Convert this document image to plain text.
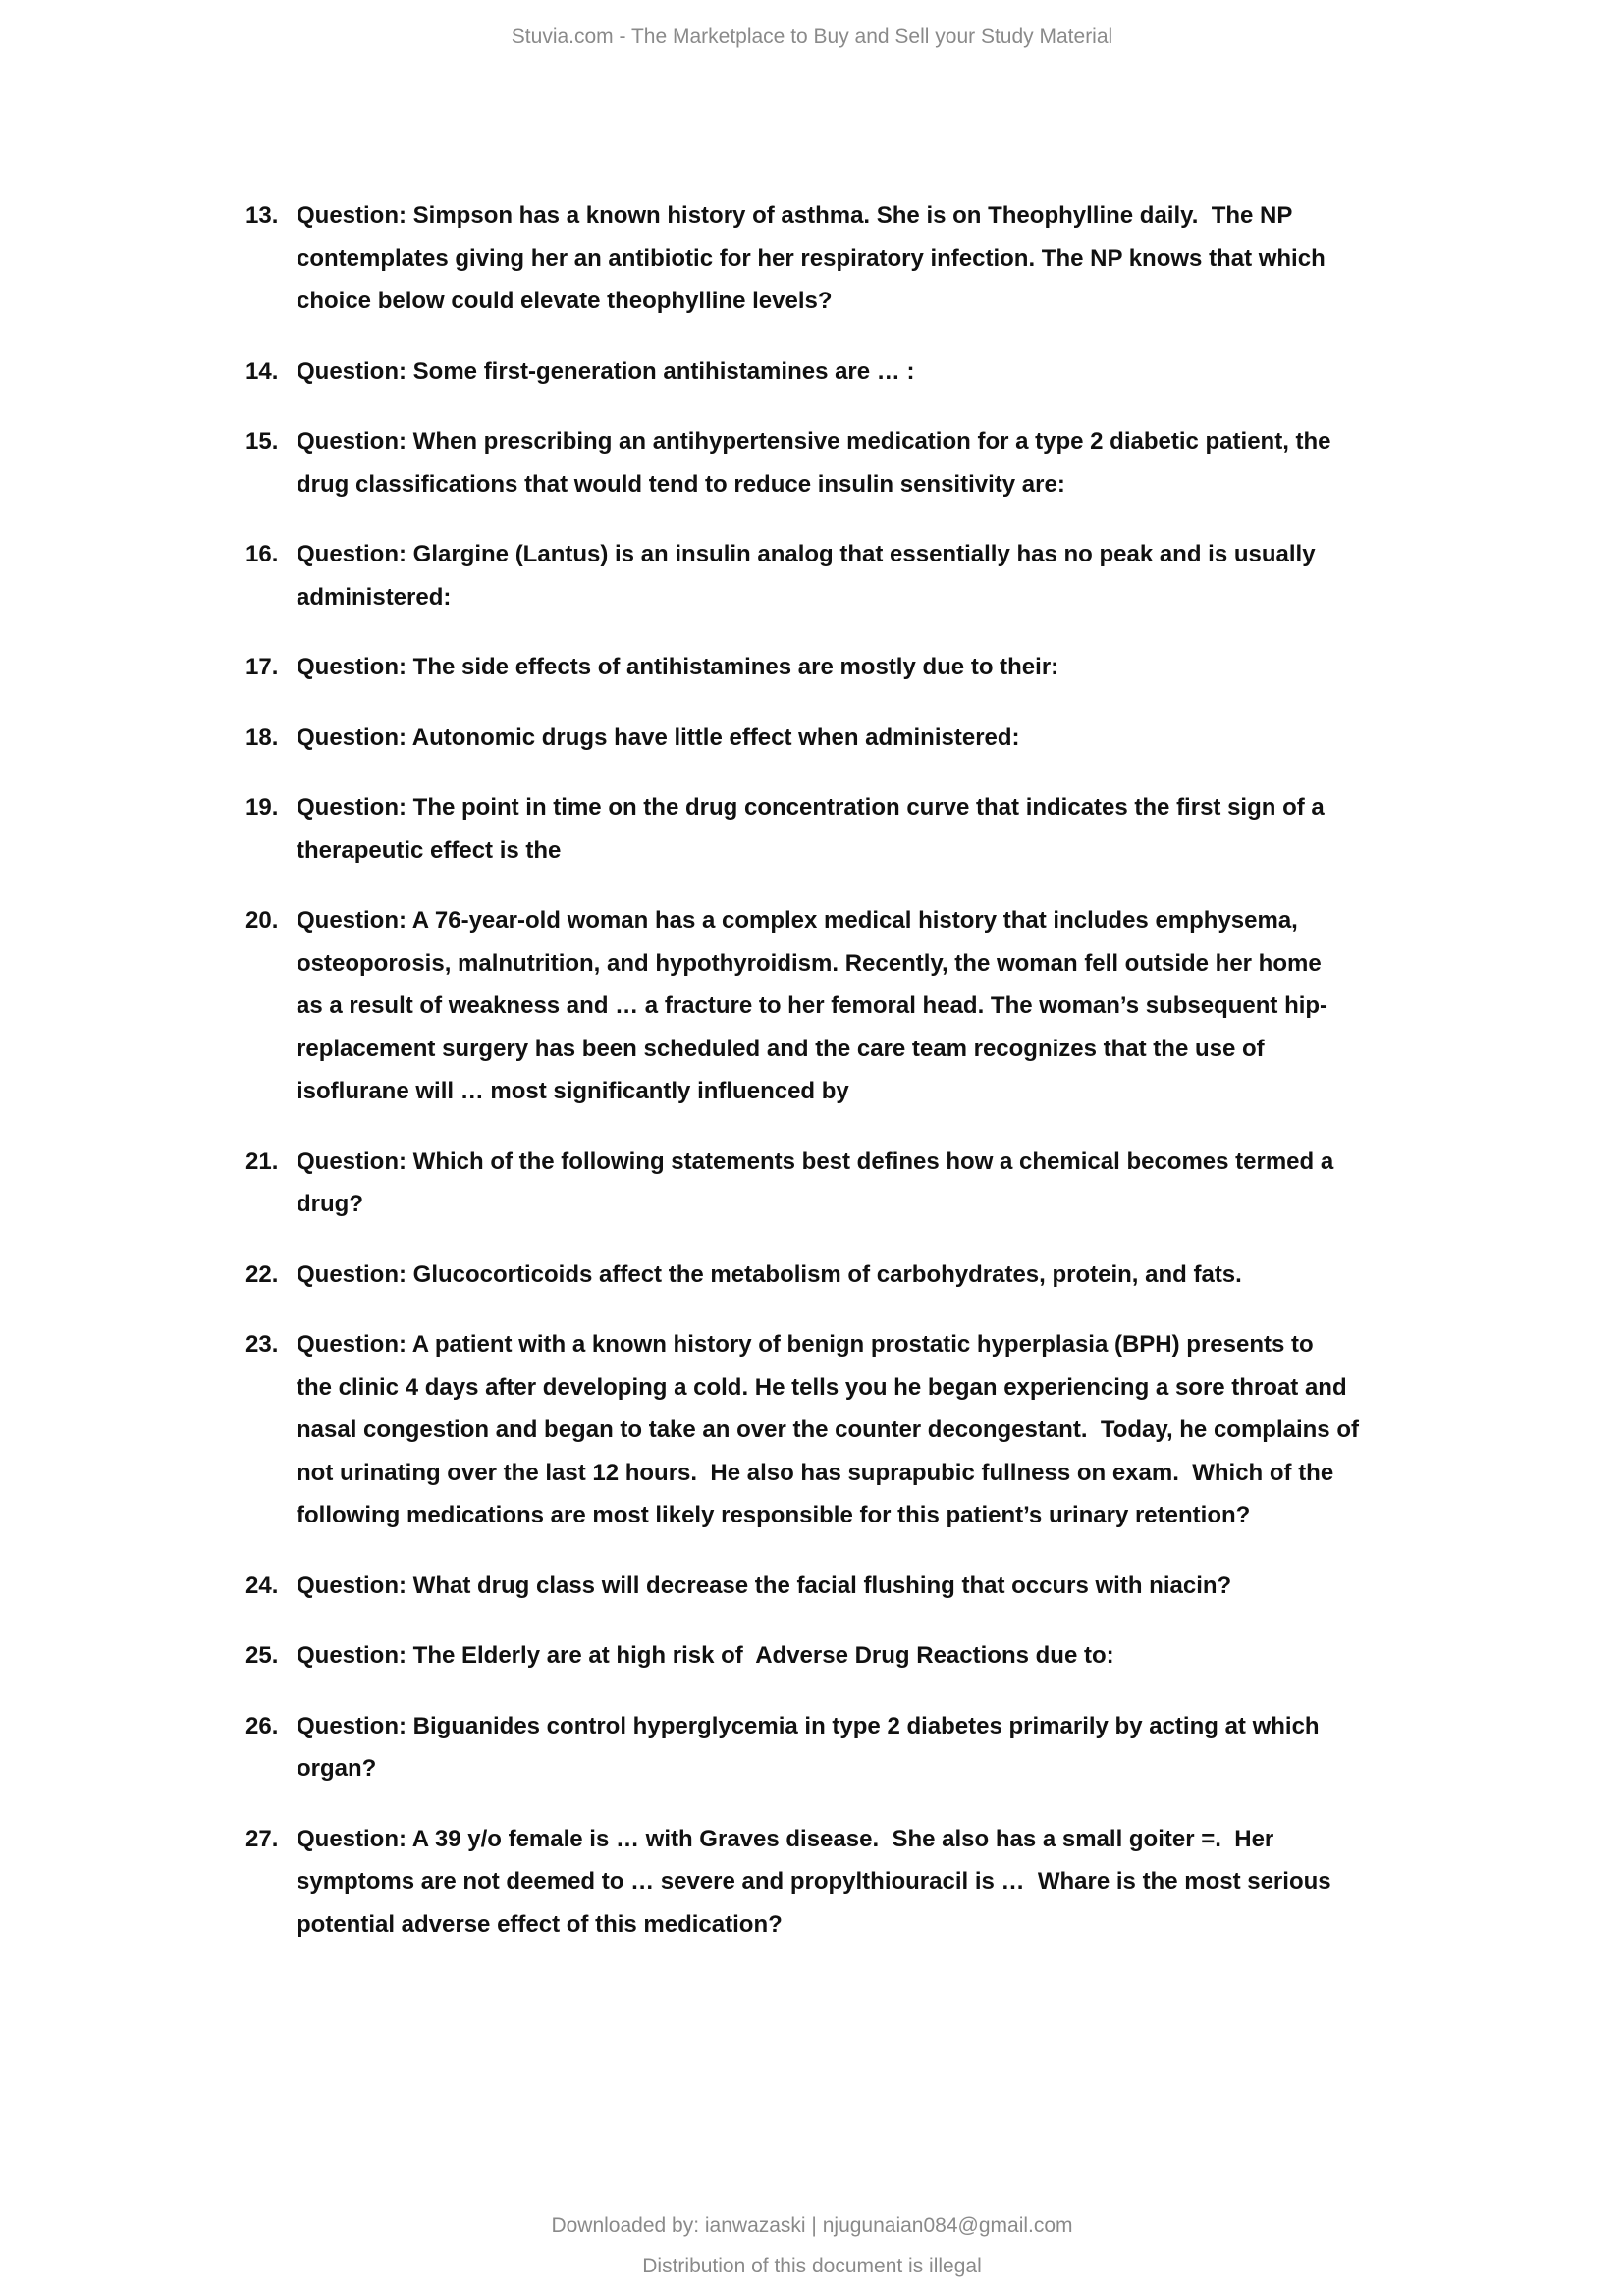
Stuvia.com - The Marketplace to Buy and Sell your Study Material
13. Question: Simpson has a known history of asthma. She is on Theophylline daily.  The NP
contemplates giving her an antibiotic for her respiratory infection. The NP knows that which
choice below could elevate theophylline levels?
14. Question: Some first-generation antihistamines are … :
15. Question: When prescribing an antihypertensive medication for a type 2 diabetic patient, the
drug classifications that would tend to reduce insulin sensitivity are:
16. Question: Glargine (Lantus) is an insulin analog that essentially has no peak and is usually
administered:
17. Question: The side effects of antihistamines are mostly due to their:
18. Question: Autonomic drugs have little effect when administered:
19. Question: The point in time on the drug concentration curve that indicates the first sign of a
therapeutic effect is the
20. Question: A 76-year-old woman has a complex medical history that includes emphysema,
osteoporosis, malnutrition, and hypothyroidism. Recently, the woman fell outside her home
as a result of weakness and … a fracture to her femoral head. The woman’s subsequent hip-
replacement surgery has been scheduled and the care team recognizes that the use of
isoflurane will … most significantly influenced by
21. Question: Which of the following statements best defines how a chemical becomes termed a
drug?
22. Question: Glucocorticoids affect the metabolism of carbohydrates, protein, and fats.
23. Question: A patient with a known history of benign prostatic hyperplasia (BPH) presents to
the clinic 4 days after developing a cold. He tells you he began experiencing a sore throat and
nasal congestion and began to take an over the counter decongestant.  Today, he complains of
not urinating over the last 12 hours.  He also has suprapubic fullness on exam.  Which of the
following medications are most likely responsible for this patient’s urinary retention?
24. Question: What drug class will decrease the facial flushing that occurs with niacin?
25. Question: The Elderly are at high risk of  Adverse Drug Reactions due to:
26. Question: Biguanides control hyperglycemia in type 2 diabetes primarily by acting at which
organ?
27. Question: A 39 y/o female is … with Graves disease.  She also has a small goiter =.  Her
symptoms are not deemed to … severe and propylthiouracil is …  Whare is the most serious
potential adverse effect of this medication?
Downloaded by: ianwazaski | njugunaian084@gmail.com
Distribution of this document is illegal
